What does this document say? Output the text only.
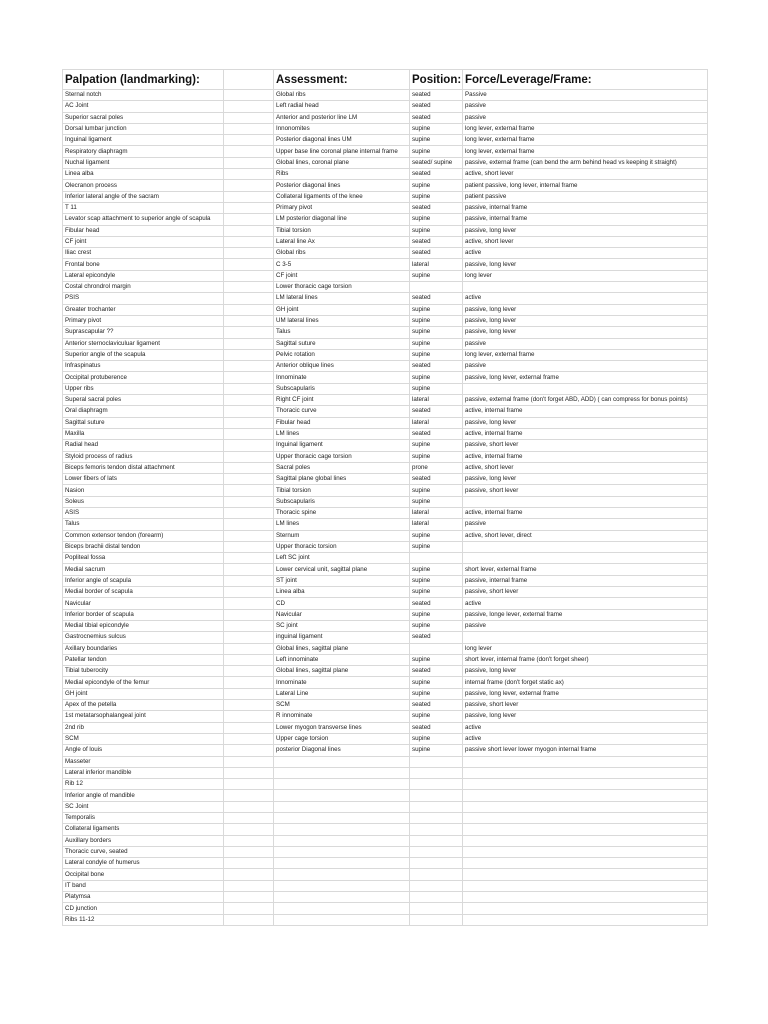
Palpation (landmarking):		Assessment:	Position:	Force/Leverage/Frame:
Sternal notch		Global ribs	seated	Passive
AC Joint		Left radial head	seated	passive
Superior sacral poles		Anterior and posterior line LM	seated	passive
Dorsal lumbar junction		Innonomites	supine	long lever, external frame
Inguinal ligament		Posterior diagonal lines UM	supine	long lever, external frame
Respiratory diaphragm		Upper base line coronal plane internal frame	supine	long lever, external frame
Nuchal ligament		Global lines, coronal plane	seated/ supine	passive, external frame (can bend the arm behind head vs keeping it straight)
Linea alba		Ribs	seated	active, short lever
Olecranon process		Posterior diagonal lines	supine	patient passive, long lever, internal frame
Inferior lateral angle of the sacram		Collateral ligaments of the knee	supine	patient passive
T 11		Primary pivot	seated	passive, internal frame
Levator scap attachment to superior angle of scapula		LM posterior diagonal line	supine	passive, internal frame
Fibular head		Tibial torsion	supine	passive, long lever
CF joint		Lateral line Ax	seated	active, short lever
Iliac crest		Global ribs	seated	active
Frontal bone		C 3-5	lateral	passive, long lever
Lateral epicondyle		CF joint	supine	long lever
Costal chrondrol margin		Lower thoracic cage torsion		
PSIS		LM lateral lines	seated	active
Greater trochanter		GH joint	supine	passive, long lever
Primary pivot		UM lateral lines	supine	passive, long lever
Suprascapular ??		Talus	supine	passive, long lever
Anterior sternoclaviculuar ligament		Sagittal suture	supine	passive
Superior angle of the scapula		Pelvic rotation	supine	long lever, external frame
Infraspinatus		Anterior oblique lines	seated	passive
Occipital protuberence		Innominate	supine	passive, long lever, external frame
Upper ribs		Subscapularis	supine	
Superal sacral poles		Right CF joint	lateral	passive, external frame (don't forget ABD, ADD) ( can compress for bonus points)
Oral diaphragm		Thoracic curve	seated	active, internal frame
Sagittal suture		Fibular head	lateral	passive, long lever
Maxilla		LM lines	seated	active, internal frame
Radial head		Inguinal ligament	supine	passive, short lever
Styloid process of radius		Upper thoracic cage torsion	supine	active, internal frame
Biceps femoris tendon distal attachment		Sacral poles	prone	active, short lever
Lower fibers of lats		Sagittal plane global lines	seated	passive, long lever
Nasion		Tibial torsion	supine	passive, short lever
Soleus		Subscapularis	supine	
ASIS		Thoracic spine	lateral	active, internal frame
Talus		LM lines	lateral	passive
Common extensor tendon (forearm)		Sternum	supine	active, short lever, direct
Biceps brachii distal tendon		Upper thoracic torsion	supine	
Popliteal fossa		Left SC joint		
Medial sacrum		Lower cervical unit, sagittal plane	supine	short lever, external frame
Inferior angle of scapula		ST joint	supine	passive, internal frame
Medial border of scapula		Linea alba	supine	passive, short lever
Navicular		CD	seated	active
Inferior border of scapula		Navicular	supine	passive, longe lever, external frame
Medial tibial epicondyle		SC joint	supine	passive
Gastrocnemius sulcus		inguinal ligament	seated	
Axillary boundaries		Global lines, sagittal plane		long lever
Patellar tendon		Left innominate	supine	short lever, internal frame (don't forget sheer)
Tibial tuberocity		Global lines, sagittal plane	seated	passive, long lever
Medial epicondyle of the femur		Innominate	supine	internal frame (don't forget static ax)
GH joint		Lateral Line	supine	passive, long lever, external frame
Apex of the petella		SCM	seated	passive, short lever
1st metatarsophalangeal joint		R innominate	supine	passive, long lever
2nd rib		Lower myogon transverse lines	seated	active
SCM		Upper cage torsion	supine	active
Angle of louis		posterior Diagonal lines	supine	passive short lever lower myogon internal frame
Masseter				
Lateral inferior mandible				
Rib 12				
Inferior angle of mandible				
SC Joint				
Temporalis				
Collateral ligaments				
Auxillary borders				
Thoracic curve, seated				
Lateral condyle of humerus				
Occipital bone				
IT band				
Platymsa				
CD junction				
Ribs 11-12				
